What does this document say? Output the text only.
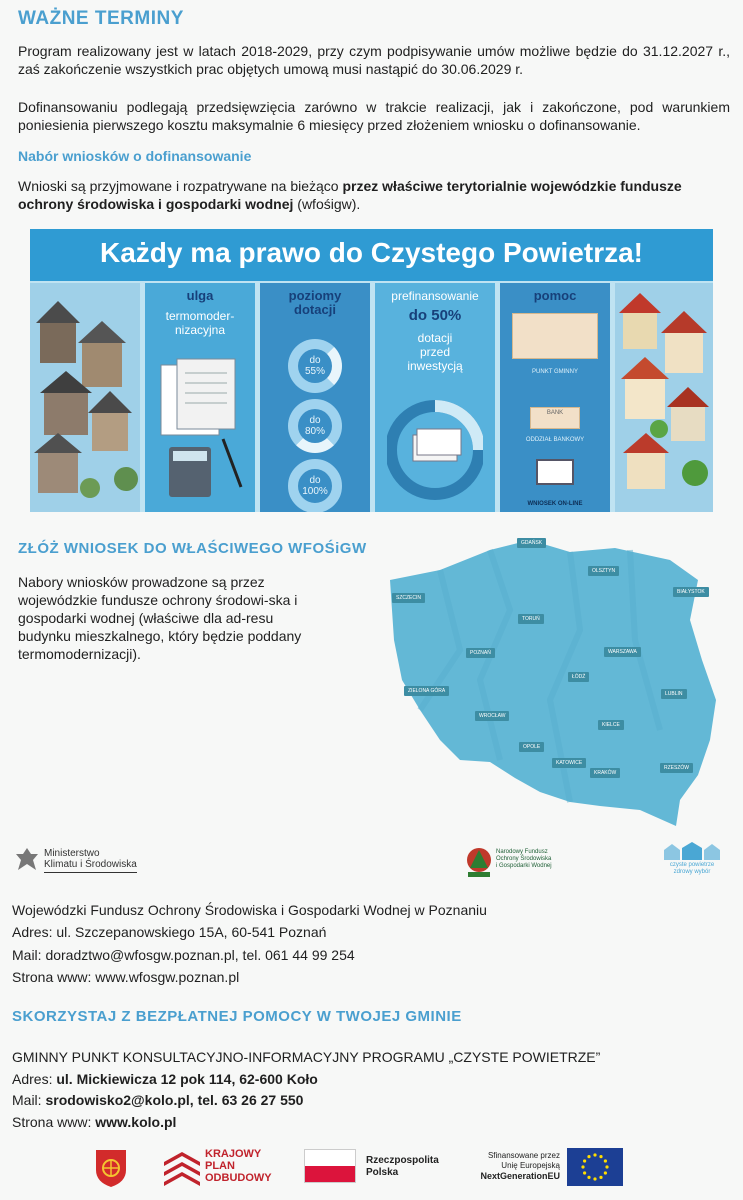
WAŻNE TERMINY
Program realizowany jest w latach 2018-2029, przy czym podpisywanie umów możliwe będzie do 31.12.2027 r., zaś zakończenie wszystkich prac objętych umową musi nastąpić do 30.06.2029 r.
Dofinansowaniu podlegają przedsięwzięcia zarówno w trakcie realizacji, jak i zakończone, pod warunkiem poniesienia pierwszego kosztu maksymalnie 6 miesięcy przed złożeniem wniosku o dofinansowanie.
Nabór wniosków o dofinansowanie
Wnioski są przyjmowane i rozpatrywane na bieżąco przez właściwe terytorialnie wojewódzkie fundusze ochrony środowiska i gospodarki wodnej (wfośigw).
Każdy ma prawo do Czystego Powietrza!
ulga
termomoder-
nizacyjna
poziomy
dotacji
do
55%
do
80%
do
100%
prefinansowanie
do 50%
dotacji
przed
inwestycją
pomoc
PUNKT GMINNY
BANK
ODDZIAŁ BANKOWY
WNIOSEK ON-LINE
ZŁÓŻ WNIOSEK DO WŁAŚCIWEGO WFOŚiGW
Nabory wniosków prowadzone są przez wojewódzkie fundusze ochrony środowi-ska i gospodarki wodnej (właściwe dla ad-resu budynku mieszkalnego, który będzie poddany termomodernizacji).
GDAŃSK
OLSZTYN
SZCZECIN
BIAŁYSTOK
TORUŃ
POZNAŃ	WARSZAWA
ZIELONA GÓRA
ŁÓDŹ
LUBLIN
WROCŁAW
KIELCE
OPOLE
KATOWICE
KRAKÓW
RZESZÓW
Ministerstwo
Klimatu i Środowiska
Narodowy Fundusz
Ochrony Środowiska
i Gospodarki Wodnej	czyste powietrze
zdrowy wybór
Wojewódzki Fundusz Ochrony Środowiska i Gospodarki Wodnej w Poznaniu
Adres: ul. Szczepanowskiego 15A, 60-541 Poznań
Mail: doradztwo@wfosgw.poznan.pl, tel. 061 44 99 254
Strona www: www.wfosgw.poznan.pl
SKORZYSTAJ Z BEZPŁATNEJ POMOCY W TWOJEJ GMINIE
GMINNY PUNKT KONSULTACYJNO-INFORMACYJNY PROGRAMU „CZYSTE POWIETRZE”
Adres: ul. Mickiewicza 12 pok 114, 62-600 Koło
Mail: srodowisko2@kolo.pl, tel. 63 26 27 550
Strona www: www.kolo.pl
KRAJOWY
PLAN
ODBUDOWY
Rzeczpospolita
Polska
Sfinansowane przez
Unię Europejską
NextGenerationEU
